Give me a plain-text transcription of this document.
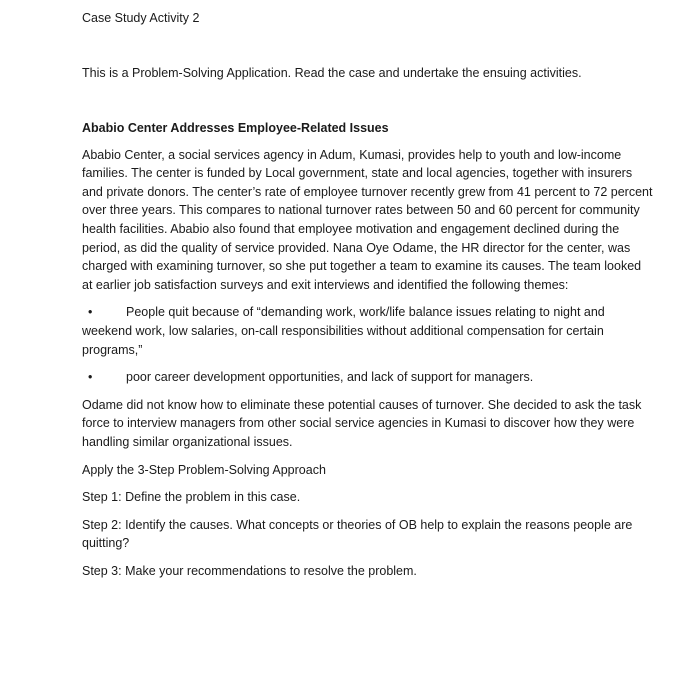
Case Study Activity 2
This is a Problem-Solving Application. Read the case and undertake the ensuing activities.
Ababio Center Addresses Employee-Related Issues

Ababio Center, a social services agency in Adum, Kumasi, provides help to youth and low-income families. The center is funded by Local government, state and local agencies, together with insurers and private donors. The center’s rate of employee turnover recently grew from 41 percent to 72 percent over three years. This compares to national turnover rates between 50 and 60 percent for community health facilities. Ababio also found that employee motivation and engagement declined during the period, as did the quality of service provided. Nana Oye Odame, the HR director for the center, was charged with examining turnover, so she put together a team to examine its causes. The team looked at earlier job satisfaction surveys and exit interviews and identified the following themes:

•	People quit because of “demanding work, work/life balance issues relating to night and weekend work, low salaries, on-call responsibilities without additional compensation for certain programs,”
•	poor career development opportunities, and lack of support for managers.

Odame did not know how to eliminate these potential causes of turnover. She decided to ask the task force to interview managers from other social service agencies in Kumasi to discover how they were handling similar organizational issues.

Apply the 3-Step Problem-Solving Approach

Step 1: Define the problem in this case.

Step 2: Identify the causes. What concepts or theories of OB help to explain the reasons people are quitting?

Step 3: Make your recommendations to resolve the problem.
